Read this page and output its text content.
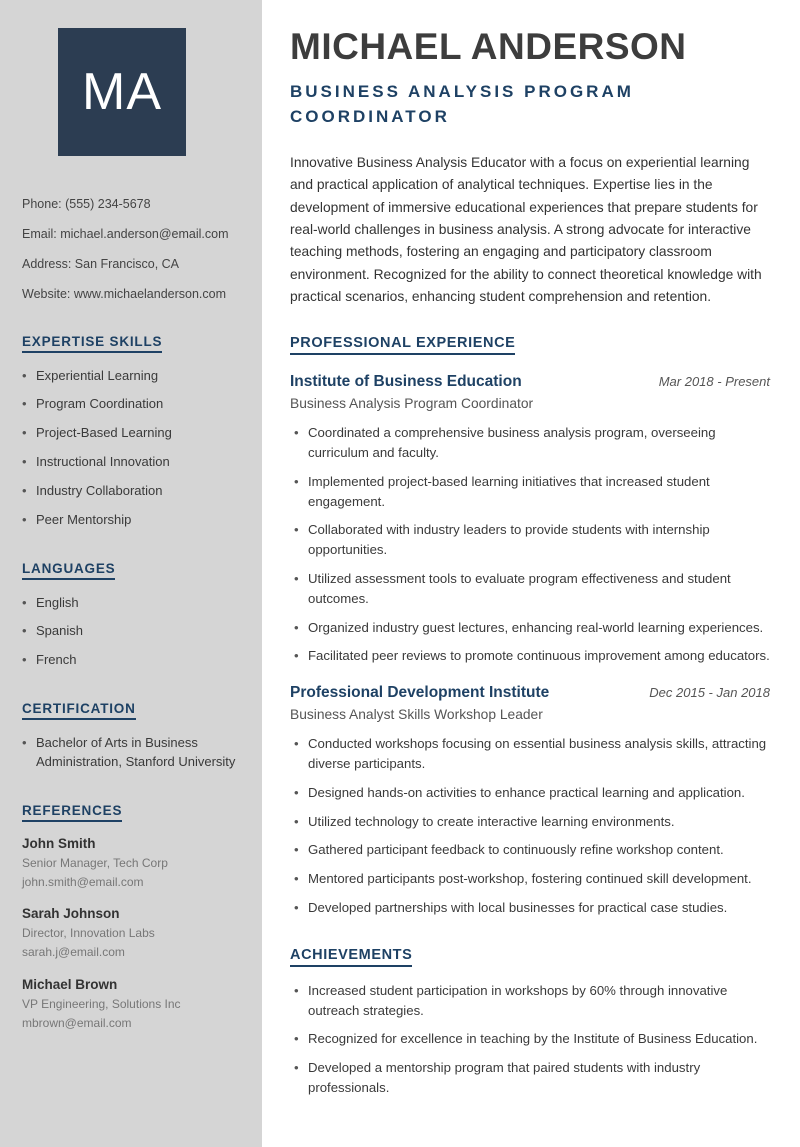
MA
Phone: (555) 234-5678
Email: michael.anderson@email.com
Address: San Francisco, CA
Website: www.michaelanderson.com
EXPERTISE SKILLS
• Experiential Learning
• Program Coordination
• Project-Based Learning
• Instructional Innovation
• Industry Collaboration
• Peer Mentorship
LANGUAGES
• English
• Spanish
• French
CERTIFICATION
• Bachelor of Arts in Business Administration, Stanford University
REFERENCES
John Smith
Senior Manager, Tech Corp
john.smith@email.com
Sarah Johnson
Director, Innovation Labs
sarah.j@email.com
Michael Brown
VP Engineering, Solutions Inc
mbrown@email.com
MICHAEL ANDERSON
BUSINESS ANALYSIS PROGRAM COORDINATOR

Innovative Business Analysis Educator with a focus on experiential learning and practical application of analytical techniques. Expertise lies in the development of immersive educational experiences that prepare students for real-world challenges in business analysis. A strong advocate for interactive teaching methods, fostering an engaging and participatory classroom environment. Recognized for the ability to connect theoretical knowledge with practical scenarios, enhancing student comprehension and retention.

PROFESSIONAL EXPERIENCE
Institute of Business Education	Mar 2018 - Present
Business Analysis Program Coordinator
• Coordinated a comprehensive business analysis program, overseeing curriculum and faculty.
• Implemented project-based learning initiatives that increased student engagement.
• Collaborated with industry leaders to provide students with internship opportunities.
• Utilized assessment tools to evaluate program effectiveness and student outcomes.
• Organized industry guest lectures, enhancing real-world learning experiences.
• Facilitated peer reviews to promote continuous improvement among educators.
Professional Development Institute	Dec 2015 - Jan 2018
Business Analyst Skills Workshop Leader
• Conducted workshops focusing on essential business analysis skills, attracting diverse participants.
• Designed hands-on activities to enhance practical learning and application.
• Utilized technology to create interactive learning environments.
• Gathered participant feedback to continuously refine workshop content.
• Mentored participants post-workshop, fostering continued skill development.
• Developed partnerships with local businesses for practical case studies.
ACHIEVEMENTS
• Increased student participation in workshops by 60% through innovative outreach strategies.
• Recognized for excellence in teaching by the Institute of Business Education.
• Developed a mentorship program that paired students with industry professionals.
